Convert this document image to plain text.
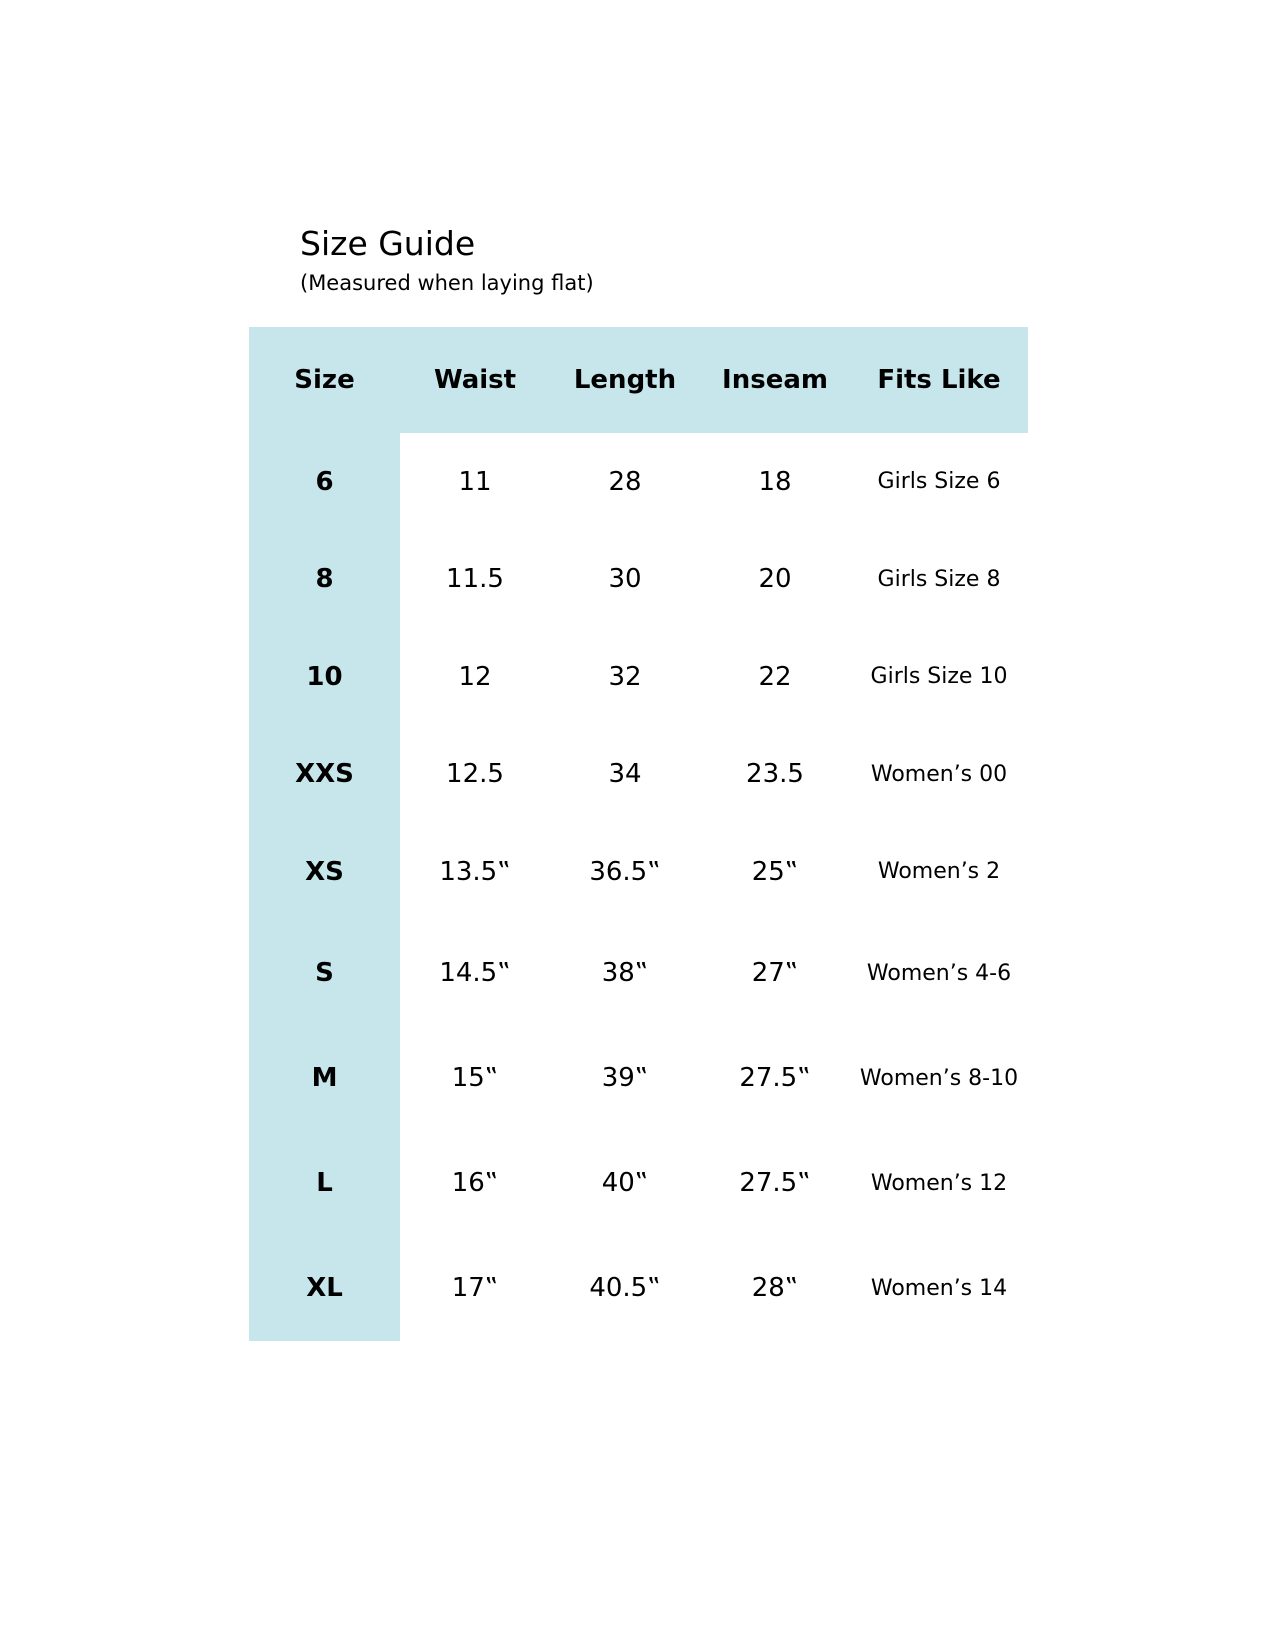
Size Guide

(Measured when laying flat)

Size	Waist	Length	Inseam	Fits Like
6	11	28	18	Girls Size 6
8	11.5	30	20	Girls Size 8
10	12	32	22	Girls Size 10
XXS	12.5	34	23.5	Women’s 00
XS	13.5‟	36.5‟	25‟	Women’s 2
S	14.5‟	38‟	27‟	Women’s 4-6
M	15‟	39‟	27.5‟	Women’s 8-10
L	16‟	40‟	27.5‟	Women’s 12
XL	17‟	40.5‟	28‟	Women’s 14
